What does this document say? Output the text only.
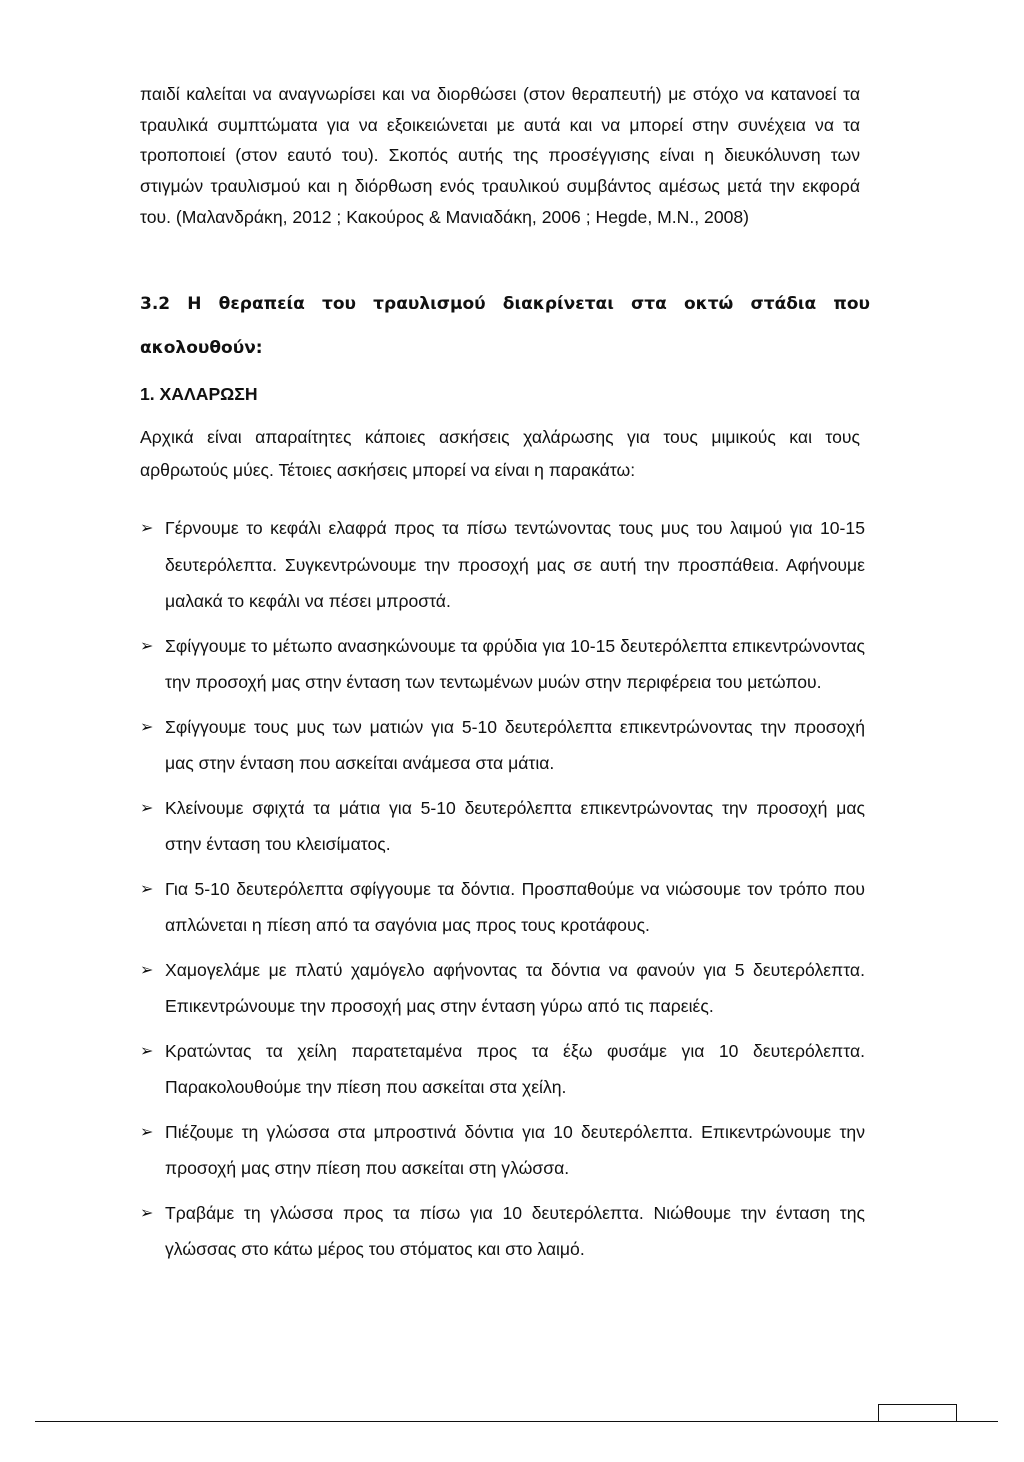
παιδί καλείται να αναγνωρίσει και να διορθώσει (στον θεραπευτή) με στόχο να κατανοεί τα τραυλικά συμπτώματα για να εξοικειώνεται με αυτά και να μπορεί στην συνέχεια να τα τροποποιεί (στον εαυτό του). Σκοπός αυτής της προσέγγισης είναι η διευκόλυνση των στιγμών τραυλισμού και η διόρθωση ενός τραυλικού συμβάντος αμέσως μετά την εκφορά του. (Μαλανδράκη, 2012 ; Κακούρος & Μανιαδάκη, 2006 ; Hegde, M.N., 2008)

3.2 Η θεραπεία του τραυλισμού διακρίνεται στα οκτώ στάδια που
ακολουθούν:
1. ΧΑΛΑΡΩΣΗ

Αρχικά είναι απαραίτητες κάποιες ασκήσεις χαλάρωσης για τους μιμικούς και τους αρθρωτούς μύες. Τέτοιες ασκήσεις μπορεί να είναι η παρακάτω:

➢ Γέρνουμε το κεφάλι ελαφρά προς τα πίσω τεντώνοντας τους μυς του λαιμού για 10-15 δευτερόλεπτα. Συγκεντρώνουμε την προσοχή μας σε αυτή την προσπάθεια. Αφήνουμε μαλακά το κεφάλι να πέσει μπροστά.
➢ Σφίγγουμε το μέτωπο ανασηκώνουμε τα φρύδια για 10-15 δευτερόλεπτα επικεντρώνοντας την προσοχή μας στην ένταση των τεντωμένων μυών στην περιφέρεια του μετώπου.
➢ Σφίγγουμε τους μυς των ματιών για 5-10 δευτερόλεπτα επικεντρώνοντας την προσοχή μας στην ένταση που ασκείται ανάμεσα στα μάτια.
➢ Κλείνουμε σφιχτά τα μάτια για 5-10 δευτερόλεπτα επικεντρώνοντας την προσοχή μας στην ένταση του κλεισίματος.
➢ Για 5-10 δευτερόλεπτα σφίγγουμε τα δόντια. Προσπαθούμε να νιώσουμε τον τρόπο που απλώνεται η πίεση από τα σαγόνια μας προς τους κροτάφους.
➢ Χαμογελάμε με πλατύ χαμόγελο αφήνοντας τα δόντια να φανούν για 5 δευτερόλεπτα. Επικεντρώνουμε την προσοχή μας στην ένταση γύρω από τις παρειές.
➢ Κρατώντας τα χείλη παρατεταμένα προς τα έξω φυσάμε για 10 δευτερόλεπτα. Παρακολουθούμε την πίεση που ασκείται στα χείλη.
➢ Πιέζουμε τη γλώσσα στα μπροστινά δόντια για 10 δευτερόλεπτα. Επικεντρώνουμε την προσοχή μας στην πίεση που ασκείται στη γλώσσα.
➢ Τραβάμε τη γλώσσα προς τα πίσω για 10 δευτερόλεπτα. Νιώθουμε την ένταση της γλώσσας στο κάτω μέρος του στόματος και στο λαιμό.
